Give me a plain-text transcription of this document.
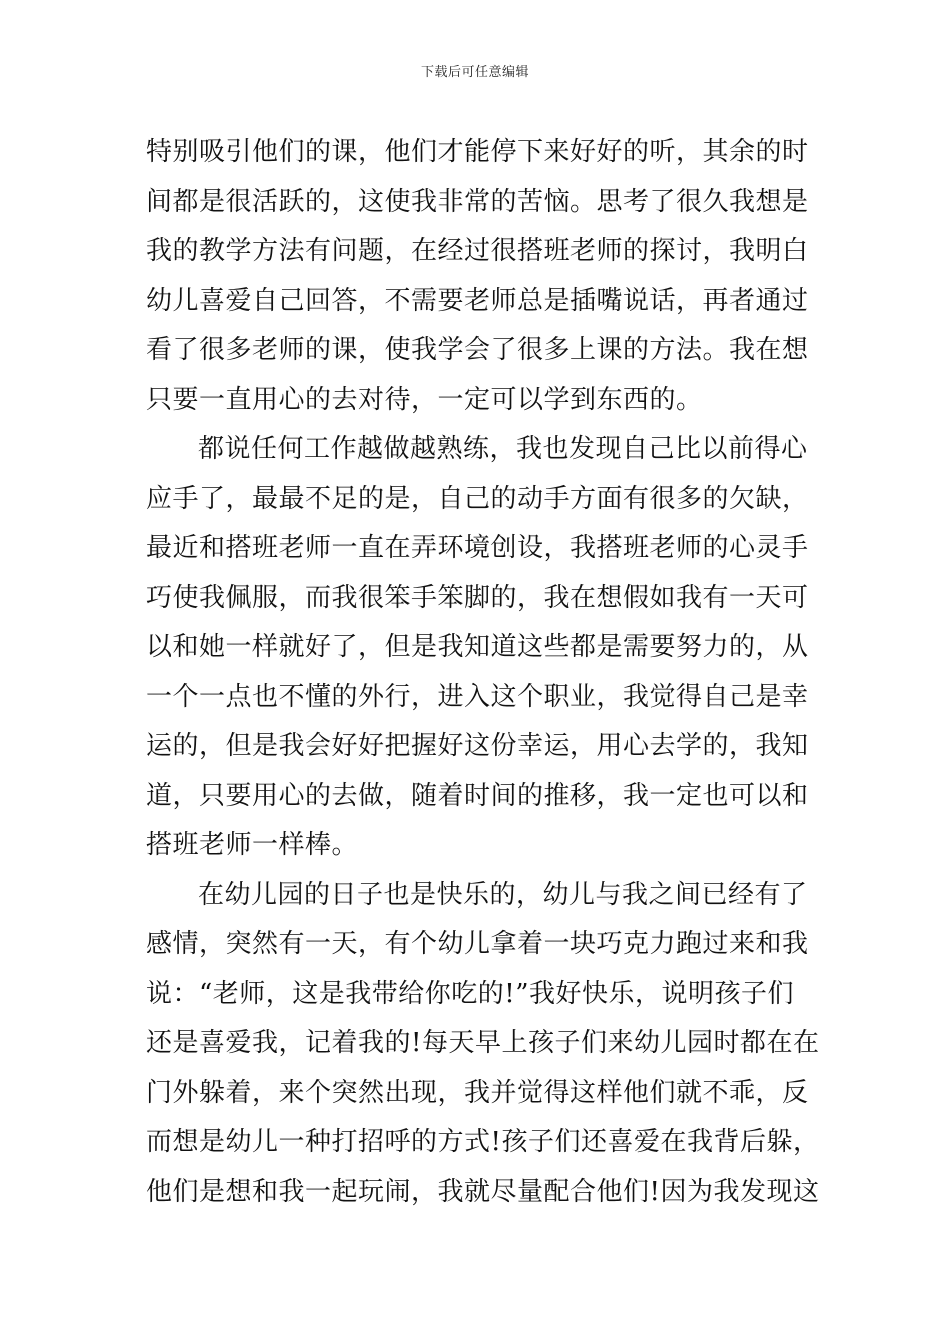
下载后可任意编辑
特别吸引他们的课，他们才能停下来好好的听，其余的时
间都是很活跃的，这使我非常的苦恼。思考了很久我想是
我的教学方法有问题，在经过很搭班老师的探讨，我明白
幼儿喜爱自己回答，不需要老师总是插嘴说话，再者通过
看了很多老师的课，使我学会了很多上课的方法。我在想
只要一直用心的去对待，一定可以学到东西的。
都说任何工作越做越熟练，我也发现自己比以前得心
应手了，最最不足的是，自己的动手方面有很多的欠缺，
最近和搭班老师一直在弄环境创设，我搭班老师的心灵手
巧使我佩服，而我很笨手笨脚的，我在想假如我有一天可
以和她一样就好了，但是我知道这些都是需要努力的，从
一个一点也不懂的外行，进入这个职业，我觉得自己是幸
运的，但是我会好好把握好这份幸运，用心去学的，我知
道，只要用心的去做，随着时间的推移，我一定也可以和
搭班老师一样棒。
在幼儿园的日子也是快乐的，幼儿与我之间已经有了
感情，突然有一天，有个幼儿拿着一块巧克力跑过来和我
说：“老师，这是我带给你吃的!”我好快乐，说明孩子们
还是喜爱我，记着我的!每天早上孩子们来幼儿园时都在在
门外躲着，来个突然出现，我并觉得这样他们就不乖，反
而想是幼儿一种打招呼的方式!孩子们还喜爱在我背后躲，
他们是想和我一起玩闹，我就尽量配合他们!因为我发现这
